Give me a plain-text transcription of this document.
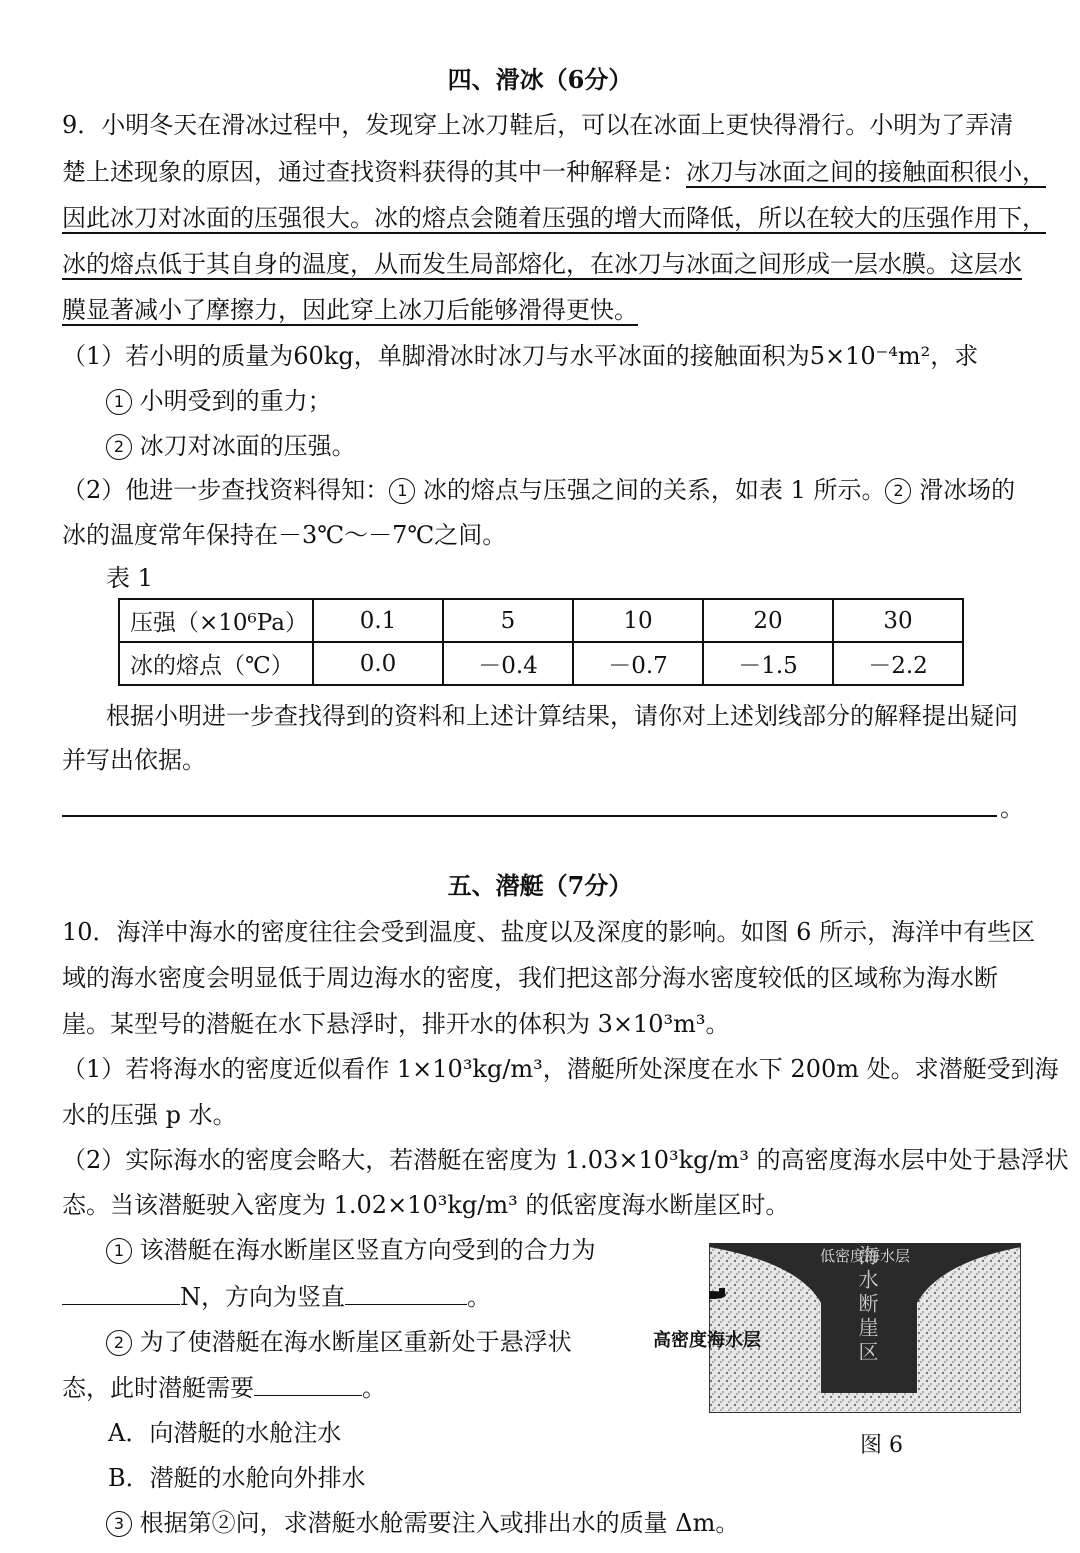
四、滑冰（6分）
9．小明冬天在滑冰过程中，发现穿上冰刀鞋后，可以在冰面上更快得滑行。小明为了弄清
楚上述现象的原因，通过查找资料获得的其中一种解释是：冰刀与冰面之间的接触面积很小，
因此冰刀对冰面的压强很大。冰的熔点会随着压强的增大而降低，所以在较大的压强作用下，
冰的熔点低于其自身的温度，从而发生局部熔化，在冰刀与冰面之间形成一层水膜。这层水
膜显著减小了摩擦力，因此穿上冰刀后能够滑得更快。
（1）若小明的质量为60kg，单脚滑冰时冰刀与水平冰面的接触面积为5×10⁻⁴m²，求
1 小明受到的重力；
2 冰刀对冰面的压强。
（2）他进一步查找资料得知： 1 冰的熔点与压强之间的关系，如表 1 所示。 2 滑冰场的
冰的温度常年保持在－3℃～－7℃之间。
表 1
压强（×10⁶Pa）	0.1	5	10	20	30
冰的熔点（℃）	0.0	－0.4	－0.7	－1.5	－2.2
根据小明进一步查找得到的资料和上述计算结果，请你对上述划线部分的解释提出疑问
并写出依据。
。
五、潜艇（7分）
10．海洋中海水的密度往往会受到温度、盐度以及深度的影响。如图 6 所示，海洋中有些区
域的海水密度会明显低于周边海水的密度，我们把这部分海水密度较低的区域称为海水断
崖。某型号的潜艇在水下悬浮时，排开水的体积为 3×10³m³。
（1）若将海水的密度近似看作 1×10³kg/m³，潜艇所处深度在水下 200m 处。求潜艇受到海
水的压强 p 水。
（2）实际海水的密度会略大，若潜艇在密度为 1.03×10³kg/m³ 的高密度海水层中处于悬浮状
态。当该潜艇驶入密度为 1.02×10³kg/m³ 的低密度海水断崖区时。
1 该潜艇在海水断崖区竖直方向受到的合力为
N，方向为竖直	。
2 为了使潜艇在海水断崖区重新处于悬浮状
态，此时潜艇需要	。
A．向潜艇的水舱注水
B．潜艇的水舱向外排水
3 根据第②问，求潜艇水舱需要注入或排出水的质量 Δm。
低密度海水层
海水断崖区
高密度海水层
图 6
